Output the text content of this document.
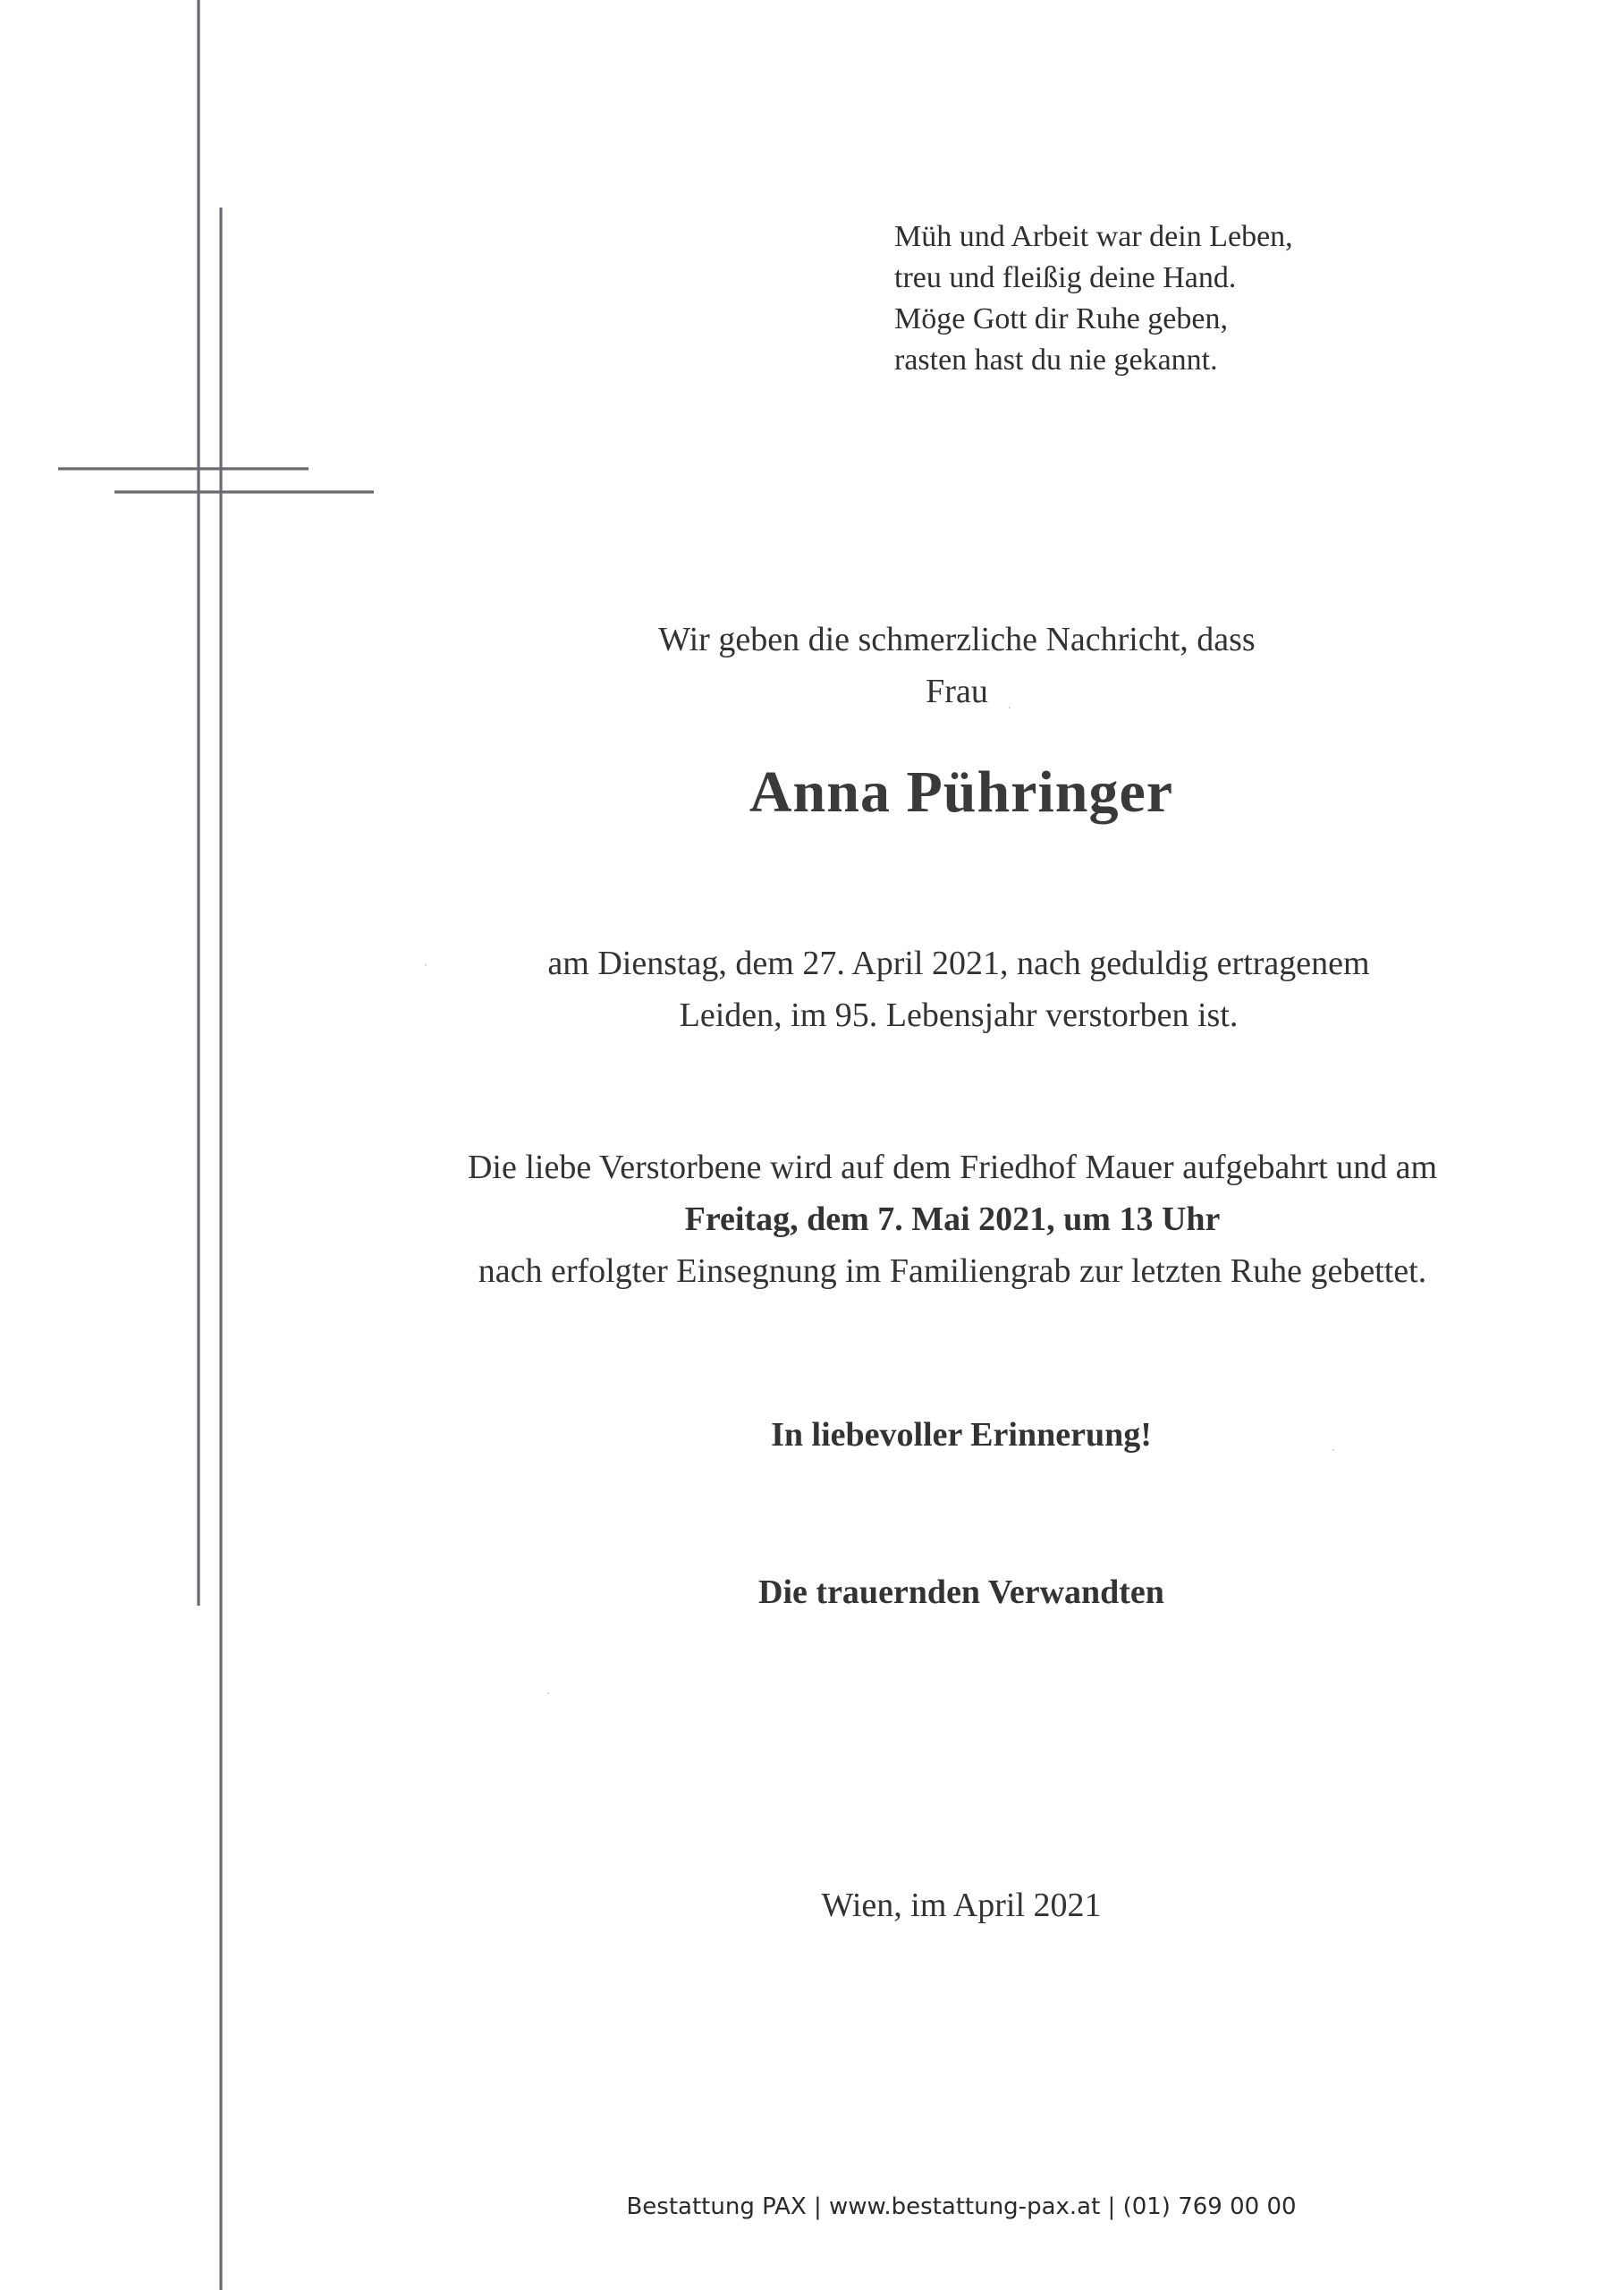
Müh und Arbeit war dein Leben,
treu und fleißig deine Hand.
Möge Gott dir Ruhe geben,
rasten hast du nie gekannt.
Wir geben die schmerzliche Nachricht, dass
Frau
Anna Pühringer
am Dienstag, dem 27. April 2021, nach geduldig ertragenem
Leiden, im 95. Lebensjahr verstorben ist.
Die liebe Verstorbene wird auf dem Friedhof Mauer aufgebahrt und am
Freitag, dem 7. Mai 2021, um 13 Uhr
nach erfolgter Einsegnung im Familiengrab zur letzten Ruhe gebettet.
In liebevoller Erinnerung!
Die trauernden Verwandten
Wien, im April 2021
Bestattung PAX | www.bestattung-pax.at | (01) 769 00 00
